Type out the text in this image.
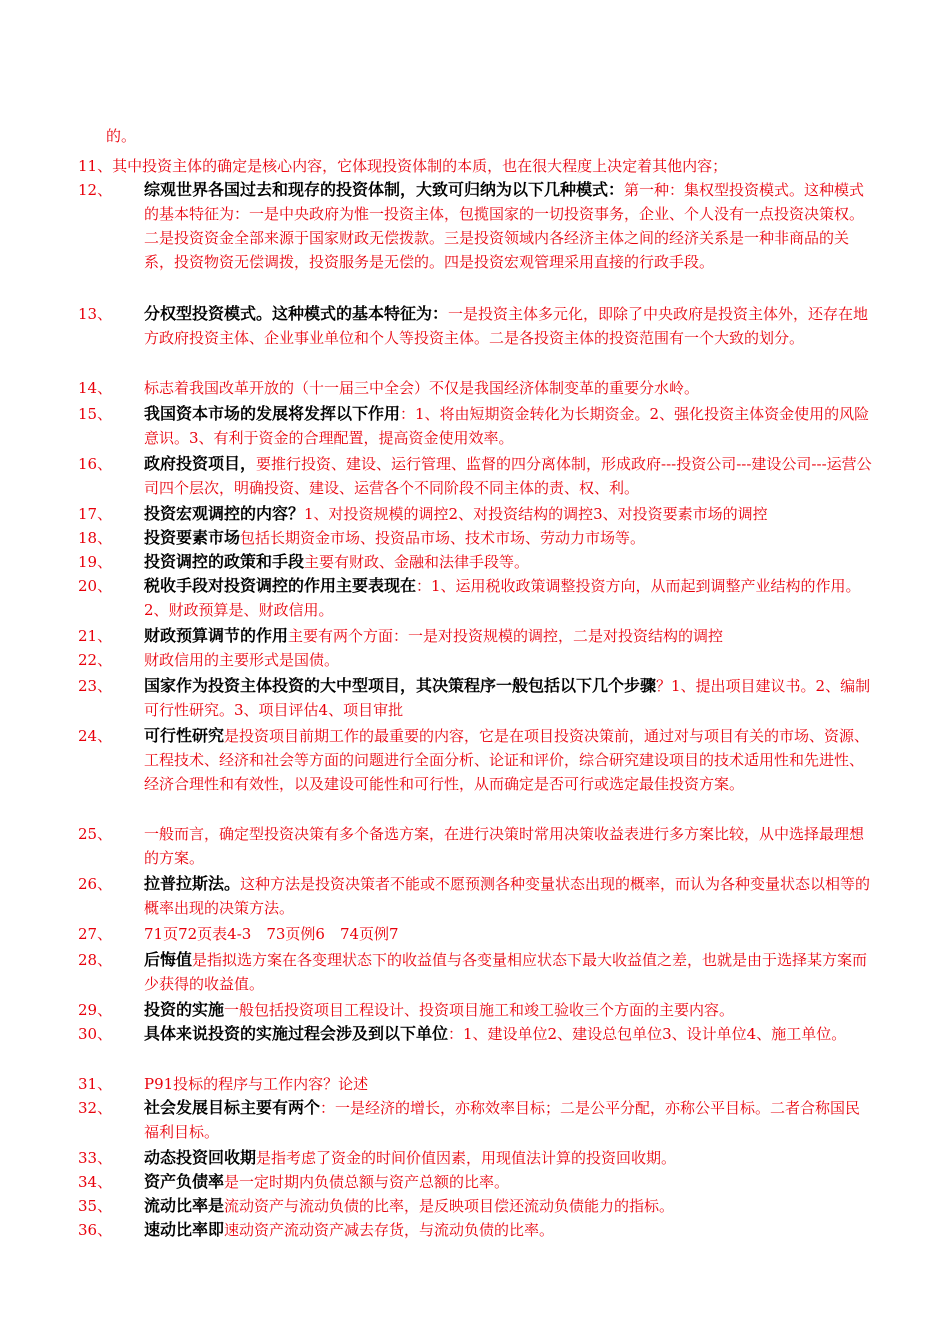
的。
11、 其中投资主体的确定是核心内容，它体现投资体制的本质，也在很大程度上决定着其他内容；
12、	综观世界各国过去和现存的投资体制，大致可归纳为以下几种模式：第一种：集权型投资模式。这种模式的基本特征为：一是中央政府为惟一投资主体，包揽国家的一切投资事务，企业、个人没有一点投资决策权。二是投资资金全部来源于国家财政无偿拨款。三是投资领域内各经济主体之间的经济关系是一种非商品的关系，投资物资无偿调拨，投资服务是无偿的。四是投资宏观管理采用直接的行政手段。
13、	分权型投资模式。这种模式的基本特征为：一是投资主体多元化，即除了中央政府是投资主体外，还存在地方政府投资主体、企业事业单位和个人等投资主体。二是各投资主体的投资范围有一个大致的划分。
14、	标志着我国改革开放的（十一届三中全会）不仅是我国经济体制变革的重要分水岭。
15、	我国资本市场的发展将发挥以下作用：1、将由短期资金转化为长期资金。2、强化投资主体资金使用的风险意识。3、有利于资金的合理配置，提高资金使用效率。
16、	政府投资项目，要推行投资、建设、运行管理、监督的四分离体制，形成政府---投资公司---建设公司---运营公司四个层次，明确投资、建设、运营各个不同阶段不同主体的责、权、利。
17、	投资宏观调控的内容？1、对投资规模的调控2、对投资结构的调控3、对投资要素市场的调控
18、	投资要素市场包括长期资金市场、投资品市场、技术市场、劳动力市场等。
19、	投资调控的政策和手段主要有财政、金融和法律手段等。
20、	税收手段对投资调控的作用主要表现在：1、运用税收政策调整投资方向，从而起到调整产业结构的作用。2、财政预算是、财政信用。
21、	财政预算调节的作用主要有两个方面：一是对投资规模的调控，二是对投资结构的调控
22、	财政信用的主要形式是国债。
23、	国家作为投资主体投资的大中型项目，其决策程序一般包括以下几个步骤？1、提出项目建议书。2、编制可行性研究。3、项目评估4、项目审批
24、	可行性研究是投资项目前期工作的最重要的内容，它是在项目投资决策前，通过对与项目有关的市场、资源、工程技术、经济和社会等方面的问题进行全面分析、论证和评价，综合研究建设项目的技术适用性和先进性、经济合理性和有效性，以及建设可能性和可行性，从而确定是否可行或选定最佳投资方案。
25、	一般而言，确定型投资决策有多个备选方案，在进行决策时常用决策收益表进行多方案比较，从中选择最理想的方案。
26、	拉普拉斯法。这种方法是投资决策者不能或不愿预测各种变量状态出现的概率，而认为各种变量状态以相等的概率出现的决策方法。
27、	71页72页表4-3　73页例6　74页例7
28、	后悔值是指拟选方案在各变理状态下的收益值与各变量相应状态下最大收益值之差，也就是由于选择某方案而少获得的收益值。
29、	投资的实施一般包括投资项目工程设计、投资项目施工和竣工验收三个方面的主要内容。
30、	具体来说投资的实施过程会涉及到以下单位：1、建设单位2、建设总包单位3、设计单位4、施工单位。
31、	P91投标的程序与工作内容？论述
32、	社会发展目标主要有两个：一是经济的增长，亦称效率目标；二是公平分配，亦称公平目标。二者合称国民福利目标。
33、	动态投资回收期是指考虑了资金的时间价值因素，用现值法计算的投资回收期。
34、	资产负债率是一定时期内负债总额与资产总额的比率。
35、	流动比率是流动资产与流动负债的比率，是反映项目偿还流动负债能力的指标。
36、	速动比率即速动资产流动资产减去存货，与流动负债的比率。
